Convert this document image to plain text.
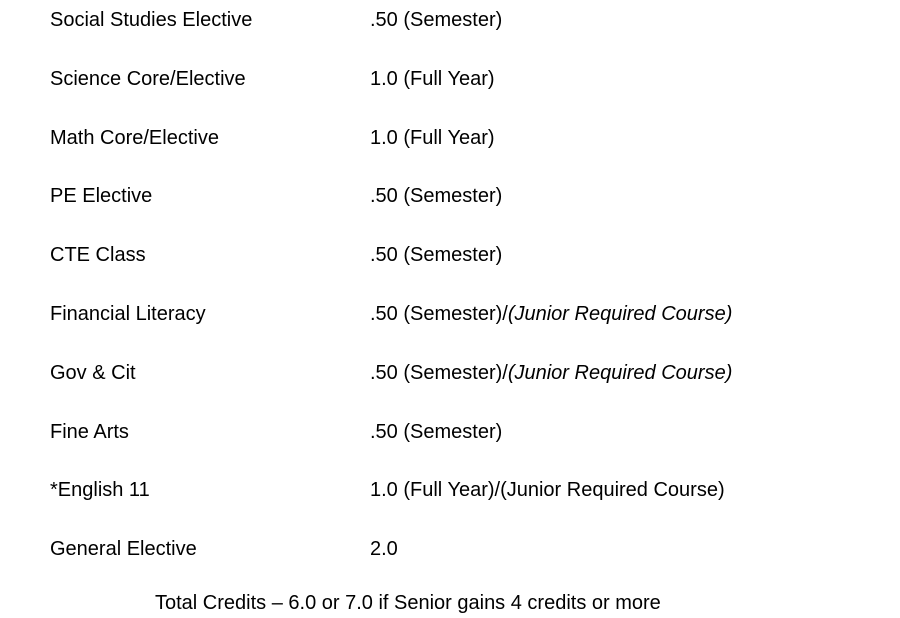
Social Studies Elective	.50 (Semester)
Science Core/Elective	1.0 (Full Year)
Math Core/Elective	1.0 (Full Year)
PE Elective	.50 (Semester)
CTE Class	.50 (Semester)
Financial Literacy	.50 (Semester)/(Junior Required Course)
Gov & Cit	.50 (Semester)/(Junior Required Course)
Fine Arts	.50 (Semester)
*English 11	1.0 (Full Year)/(Junior Required Course)
General Elective	2.0
Total Credits – 6.0 or 7.0 if Senior gains 4 credits or more
